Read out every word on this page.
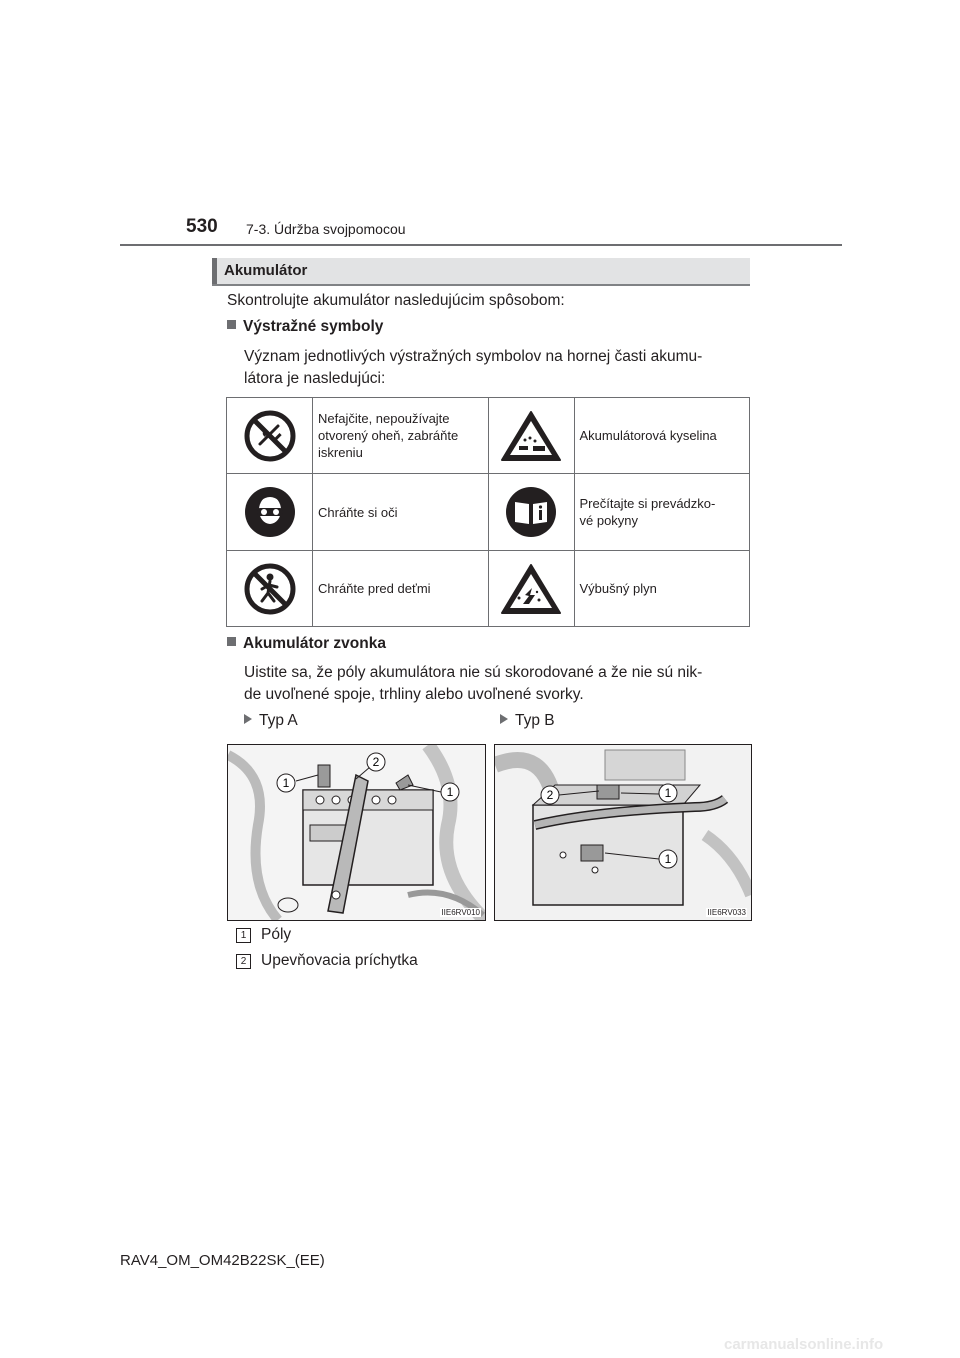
530 7-3. Údržba svojpomocou
Akumulátor
Skontrolujte akumulátor nasledujúcim spôsobom:
Výstražné symboly
Význam jednotlivých výstražných symbolov na hornej časti akumu-
látora je nasledujúci:
	Nefajčite, nepoužívajte otvorený oheň, zabráňte iskreniu		Akumulátorová kyselina

	Chráňte si oči		Prečítajte si prevádzko-
vé pokyny

	Chráňte pred deťmi		Výbušný plyn
Akumulátor zvonka
Uistite sa, že póly akumulátora nie sú skorodované a že nie sú nik-
de uvoľnené spoje, trhliny alebo uvoľnené svorky.
Typ A	Typ B
1
2
1
IIE6RV010
2	1
1
IIE6RV033
1 Póly
2 Upevňovacia príchytka
RAV4_OM_OM42B22SK_(EE)
carmanualsonline.info
